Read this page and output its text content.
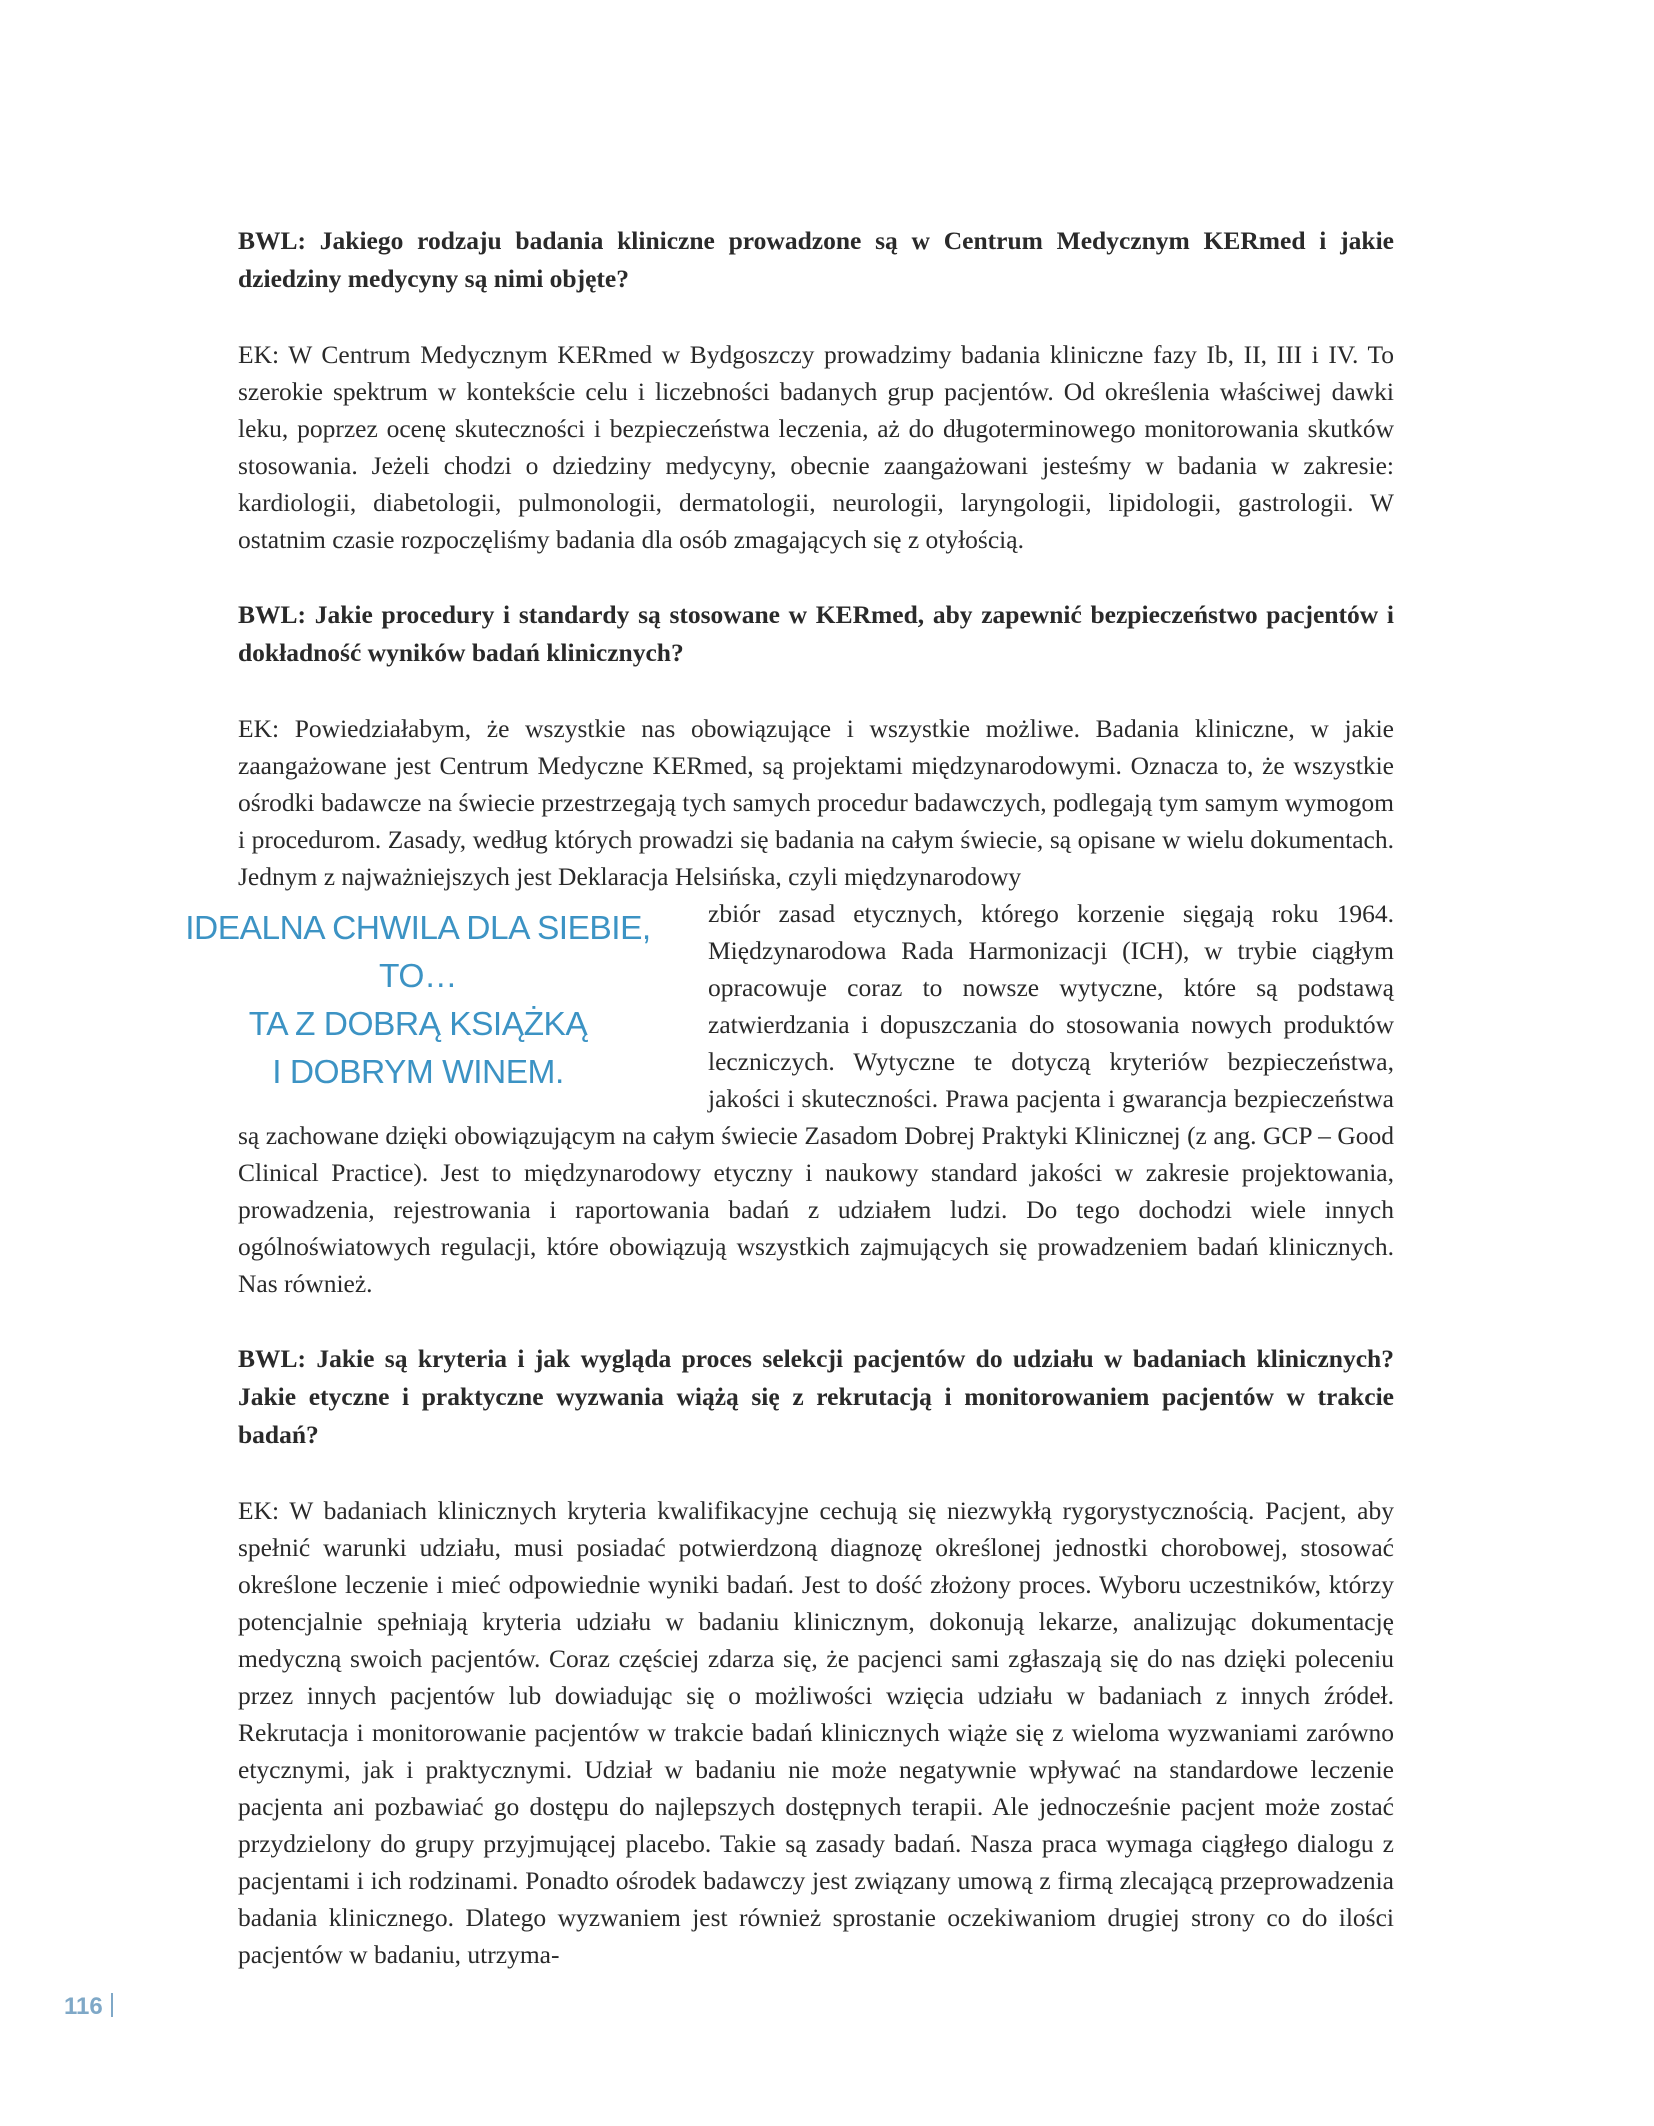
BWL: Jakiego rodzaju badania kliniczne prowadzone są w Centrum Medycznym KERmed i jakie dziedziny medycyny są nimi objęte?

EK: W Centrum Medycznym KERmed w Bydgoszczy prowadzimy badania kliniczne fazy Ib, II, III i IV. To szerokie spektrum w kontekście celu i liczebności badanych grup pacjentów. Od określenia właściwej dawki leku, poprzez ocenę skuteczności i bezpieczeństwa leczenia, aż do długoterminowego monitorowania skutków stosowania. Jeżeli chodzi o dziedziny medycyny, obecnie zaangażowani jesteśmy w badania w zakresie: kardiologii, diabetologii, pulmonologii, dermatologii, neurologii, laryngologii, lipidologii, gastrologii. W ostatnim czasie rozpoczęliśmy badania dla osób zmagających się z otyłością.

BWL: Jakie procedury i standardy są stosowane w KERmed, aby zapewnić bezpieczeństwo pacjentów i dokładność wyników badań klinicznych?

EK: Powiedziałabym, że wszystkie nas obowiązujące i wszystkie możliwe. Badania kliniczne, w jakie zaangażowane jest Centrum Medyczne KERmed, są projektami międzynarodowymi. Oznacza to, że wszystkie ośrodki badawcze na świecie przestrzegają tych samych procedur badawczych, podlegają tym samym wymogom i procedurom. Zasady, według których prowadzi się badania na całym świecie, są opisane w wielu dokumentach. Jednym z najważniejszych jest Deklaracja Helsińska, czyli międzynarodowy

IDEALNA CHWILA DLA SIEBIE, TO…
TA Z DOBRĄ KSIĄŻKĄ
I DOBRYM WINEM.

zbiór zasad etycznych, którego korzenie sięgają roku 1964. Międzynarodowa Rada Harmonizacji (ICH), w trybie ciągłym opracowuje coraz to nowsze wytyczne, które są podstawą zatwierdzania i dopuszczania do stosowania nowych produktów leczniczych. Wytyczne te dotyczą kryteriów bezpieczeństwa, jakości i skuteczności. Prawa pacjenta i gwarancja bezpieczeństwa są zachowane dzięki obowiązującym na całym świecie Zasadom Dobrej Praktyki Klinicznej (z ang. GCP – Good Clinical Practice). Jest to międzynarodowy etyczny i naukowy standard jakości w zakresie projektowania, prowadzenia, rejestrowania i raportowania badań z udziałem ludzi. Do tego dochodzi wiele innych ogólnoświatowych regulacji, które obowiązują wszystkich zajmujących się prowadzeniem badań klinicznych. Nas również.

BWL: Jakie są kryteria i jak wygląda proces selekcji pacjentów do udziału w badaniach klinicznych? Jakie etyczne i praktyczne wyzwania wiążą się z rekrutacją i monitorowaniem pacjentów w trakcie badań?

EK: W badaniach klinicznych kryteria kwalifikacyjne cechują się niezwykłą rygorystycznością. Pacjent, aby spełnić warunki udziału, musi posiadać potwierdzoną diagnozę określonej jednostki chorobowej, stosować określone leczenie i mieć odpowiednie wyniki badań. Jest to dość złożony proces. Wyboru uczestników, którzy potencjalnie spełniają kryteria udziału w badaniu klinicznym, dokonują lekarze, analizując dokumentację medyczną swoich pacjentów. Coraz częściej zdarza się, że pacjenci sami zgłaszają się do nas dzięki poleceniu przez innych pacjentów lub dowiadując się o możliwości wzięcia udziału w badaniach z innych źródeł. Rekrutacja i monitorowanie pacjentów w trakcie badań klinicznych wiąże się z wieloma wyzwaniami zarówno etycznymi, jak i praktycznymi. Udział w badaniu nie może negatywnie wpływać na standardowe leczenie pacjenta ani pozbawiać go dostępu do najlepszych dostępnych terapii. Ale jednocześnie pacjent może zostać przydzielony do grupy przyjmującej placebo. Takie są zasady badań. Nasza praca wymaga ciągłego dialogu z pacjentami i ich rodzinami. Ponadto ośrodek badawczy jest związany umową z firmą zlecającą przeprowadzenia badania klinicznego. Dlatego wyzwaniem jest również sprostanie oczekiwaniom drugiej strony co do ilości pacjentów w badaniu, utrzyma-

116
